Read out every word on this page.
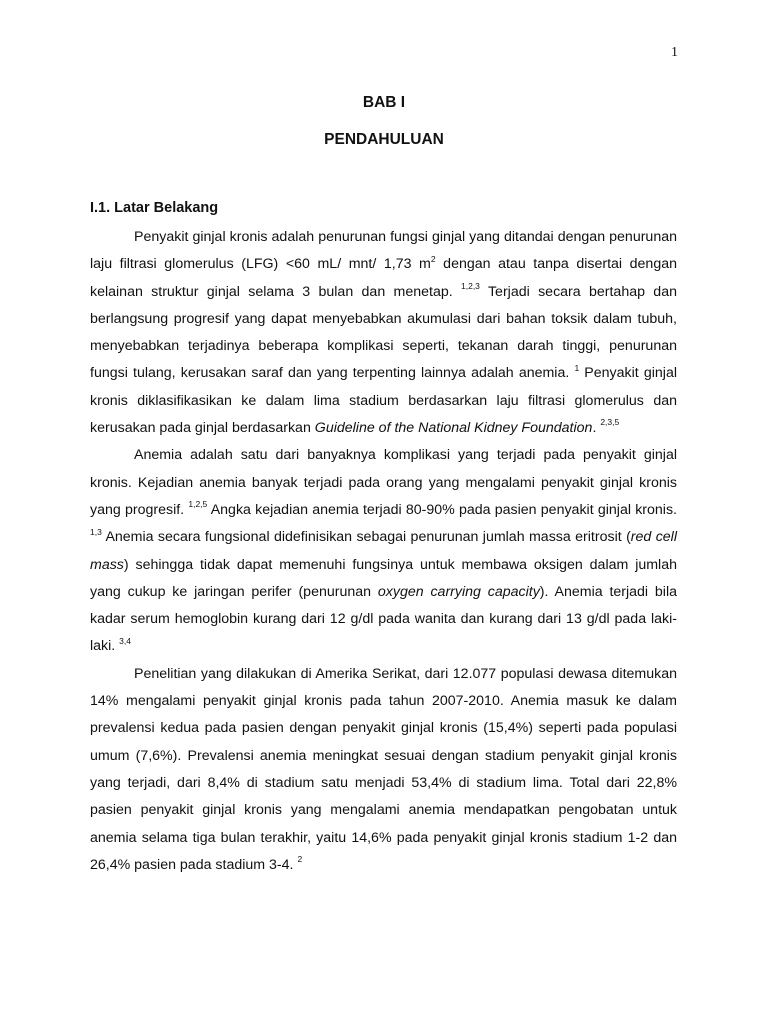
1
BAB I
PENDAHULUAN
I.1. Latar Belakang

Penyakit ginjal kronis adalah penurunan fungsi ginjal yang ditandai dengan penurunan laju filtrasi glomerulus (LFG) <60 mL/ mnt/ 1,73 $m^2$ dengan atau tanpa disertai dengan kelainan struktur ginjal selama 3 bulan dan menetap. $^{1,2,3}$ Terjadi secara bertahap dan berlangsung progresif yang dapat menyebabkan akumulasi dari bahan toksik dalam tubuh, menyebabkan terjadinya beberapa komplikasi seperti, tekanan darah tinggi, penurunan fungsi tulang, kerusakan saraf dan yang terpenting lainnya adalah anemia. $^1$ Penyakit ginjal kronis diklasifikasikan ke dalam lima stadium berdasarkan laju filtrasi glomerulus dan kerusakan pada ginjal berdasarkan Guideline of the National Kidney Foundation. $^{2,3,5}$

Anemia adalah satu dari banyaknya komplikasi yang terjadi pada penyakit ginjal kronis. Kejadian anemia banyak terjadi pada orang yang mengalami penyakit ginjal kronis yang progresif. $^{1,2,5}$ Angka kejadian anemia terjadi 80-90% pada pasien penyakit ginjal kronis. $^{1,3}$ Anemia secara fungsional didefinisikan sebagai penurunan jumlah massa eritrosit (red cell mass) sehingga tidak dapat memenuhi fungsinya untuk membawa oksigen dalam jumlah yang cukup ke jaringan perifer (penurunan oxygen carrying capacity). Anemia terjadi bila kadar serum hemoglobin kurang dari 12 g/dl pada wanita dan kurang dari 13 g/dl pada laki-laki. $^{3,4}$

Penelitian yang dilakukan di Amerika Serikat, dari 12.077 populasi dewasa ditemukan 14% mengalami penyakit ginjal kronis pada tahun 2007-2010. Anemia masuk ke dalam prevalensi kedua pada pasien dengan penyakit ginjal kronis (15,4%) seperti pada populasi umum (7,6%). Prevalensi anemia meningkat sesuai dengan stadium penyakit ginjal kronis yang terjadi, dari 8,4% di stadium satu menjadi 53,4% di stadium lima. Total dari 22,8% pasien penyakit ginjal kronis yang mengalami anemia mendapatkan pengobatan untuk anemia selama tiga bulan terakhir, yaitu 14,6% pada penyakit ginjal kronis stadium 1-2 dan 26,4% pasien pada stadium 3-4. $^2$
